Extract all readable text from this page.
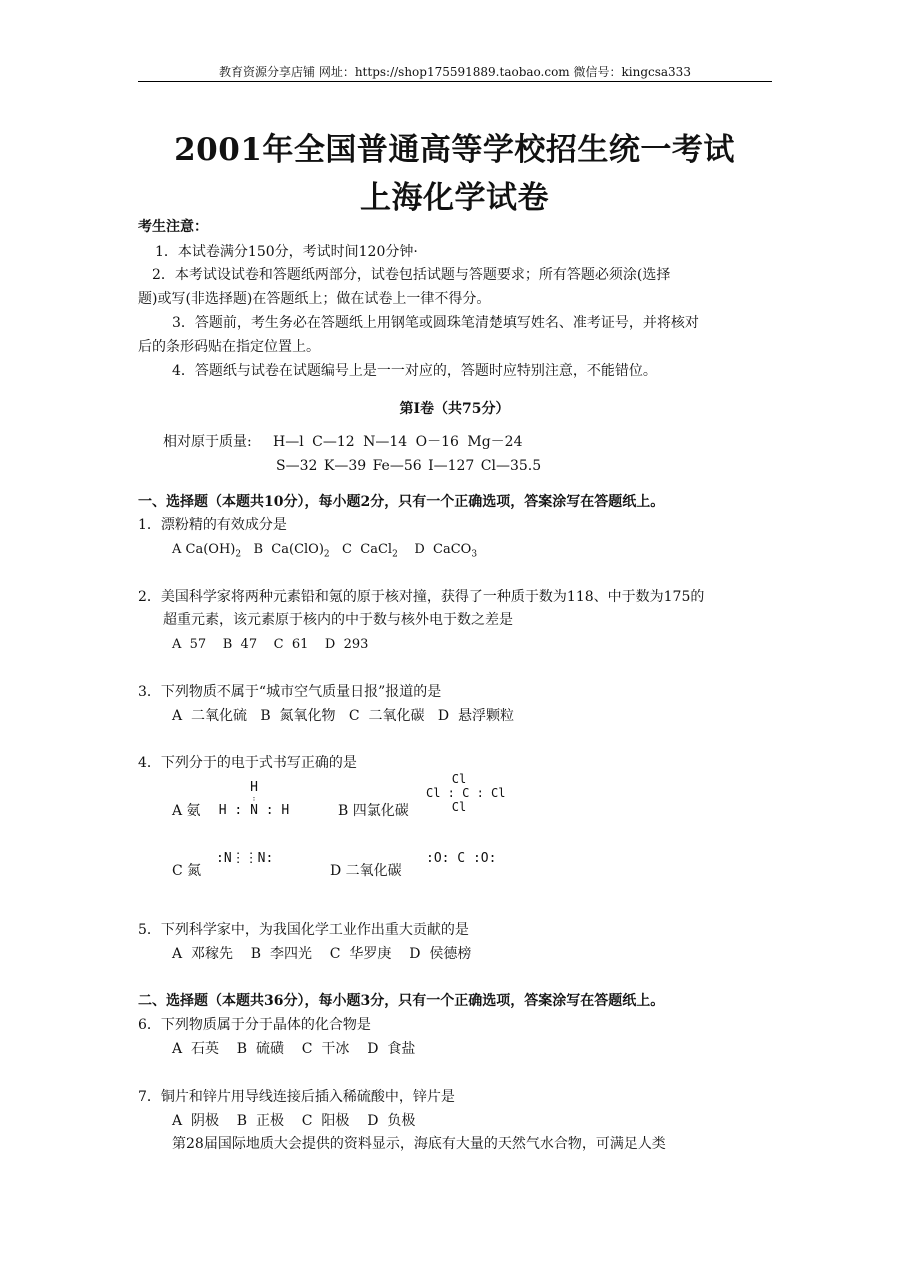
教育资源分享店铺 网址：https://shop175591889.taobao.com 微信号：kingcsa333
2001年全国普通高等学校招生统一考试
上海化学试卷
考生注意：
1．本试卷满分150分，考试时间120分钟·
2．本考试设试卷和答题纸两部分，试卷包括试题与答题要求；所有答题必须涂(选择
题)或写(非选择题)在答题纸上；做在试卷上一律不得分。
3．答题前，考生务必在答题纸上用钢笔或圆珠笔清楚填写姓名、准考证号，并将核对
后的条形码贴在指定位置上。
4．答题纸与试卷在试题编号上是一一对应的，答题时应特别注意，不能错位。
第Ⅰ卷（共75分）
相对原于质量: H—l C—12 N—14 O－16 Mg－24
S—32 K—39 Fe—56 I—127 Cl—35.5
一、选择题（本题共10分），每小题2分，只有一个正确选项，答案涂写在答题纸上。
1．漂粉精的有效成分是
A $Ca(OH)_2$   B  $Ca(ClO)_2$   C  CaCl$_2$    D  CaCO$_3$
2．美国科学家将两种元素铅和氪的原于核对撞，获得了一种质于数为118、中于数为175的
超重元素，该元素原于核内的中于数与核外电于数之差是
A  57    B  47    C  61    D  293
3．下列物质不属于“城市空气质量日报”报道的是
A  二氧化硫   B  氮氧化物   C  二氧化碳   D  悬浮颗粒
4．下列分于的电于式书写正确的是
A 氨
H
∶
H : N : H	B 四氯化碳
Cl
Cl : C : Cl
Cl
C 氮
:N⋮⋮N:
D 二氧化碳
:O: C :O:
5．下列科学家中，为我国化学工业作出重大贡献的是
A  邓稼先    B  李四光    C  华罗庚    D  侯德榜
二、选择题（本题共36分），每小题3分，只有一个正确选项，答案涂写在答题纸上。
6．下列物质属于分于晶体的化合物是
A  石英    B  硫磺    C  干冰    D  食盐
7．铜片和锌片用导线连接后插入稀硫酸中，锌片是
A  阴极    B  正极    C  阳极    D  负极
第28届国际地质大会提供的资料显示，海底有大量的天然气水合物，可满足人类
